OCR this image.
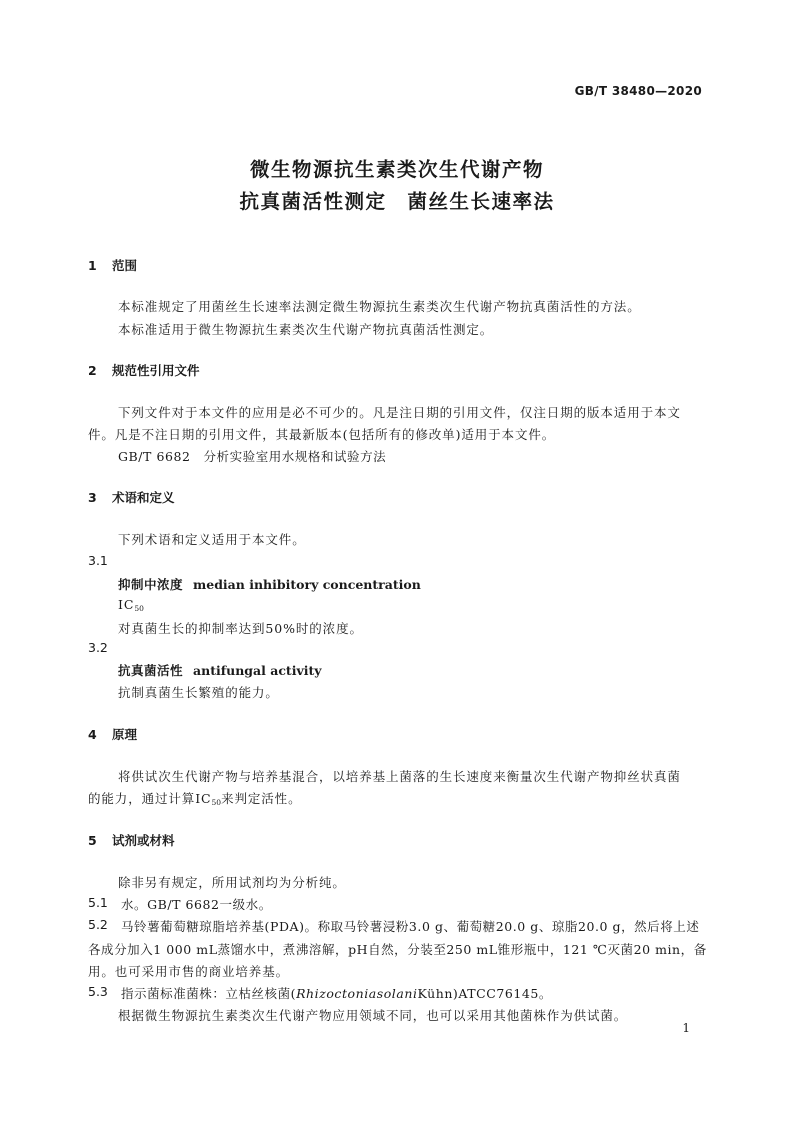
GB/T 38480—2020
微生物源抗生素类次生代谢产物
抗真菌活性测定　菌丝生长速率法
1 范围
本标准规定了用菌丝生长速率法测定微生物源抗生素类次生代谢产物抗真菌活性的方法。
本标准适用于微生物源抗生素类次生代谢产物抗真菌活性测定。
2 规范性引用文件
下列文件对于本文件的应用是必不可少的。凡是注日期的引用文件，仅注日期的版本适用于本文
件。凡是不注日期的引用文件，其最新版本(包括所有的修改单)适用于本文件。
GB/T 6682　分析实验室用水规格和试验方法
3 术语和定义
下列术语和定义适用于本文件。
3.1
抑制中浓度 median inhibitory concentration
$IC_{50}$
对真菌生长的抑制率达到50%时的浓度。
3.2
抗真菌活性 antifungal activity
抗制真菌生长繁殖的能力。
4 原理
将供试次生代谢产物与培养基混合，以培养基上菌落的生长速度来衡量次生代谢产物抑丝状真菌
的能力，通过计算$IC_{50}$来判定活性。
5 试剂或材料
除非另有规定，所用试剂均为分析纯。
5.1 水。GB/T 6682一级水。
5.2 马铃薯葡萄糖琼脂培养基(PDA)。称取马铃薯浸粉3.0 g、葡萄糖20.0 g、琼脂20.0 g，然后将上述
各成分加入1 000 mL蒸馏水中，煮沸溶解，pH自然，分装至250 mL锥形瓶中，121 ℃灭菌20 min，备
用。也可采用市售的商业培养基。
5.3 指示菌标准菌株：立枯丝核菌(RhizoctoniasolaniKühn)ATCC76145。
根据微生物源抗生素类次生代谢产物应用领域不同，也可以采用其他菌株作为供试菌。
1
